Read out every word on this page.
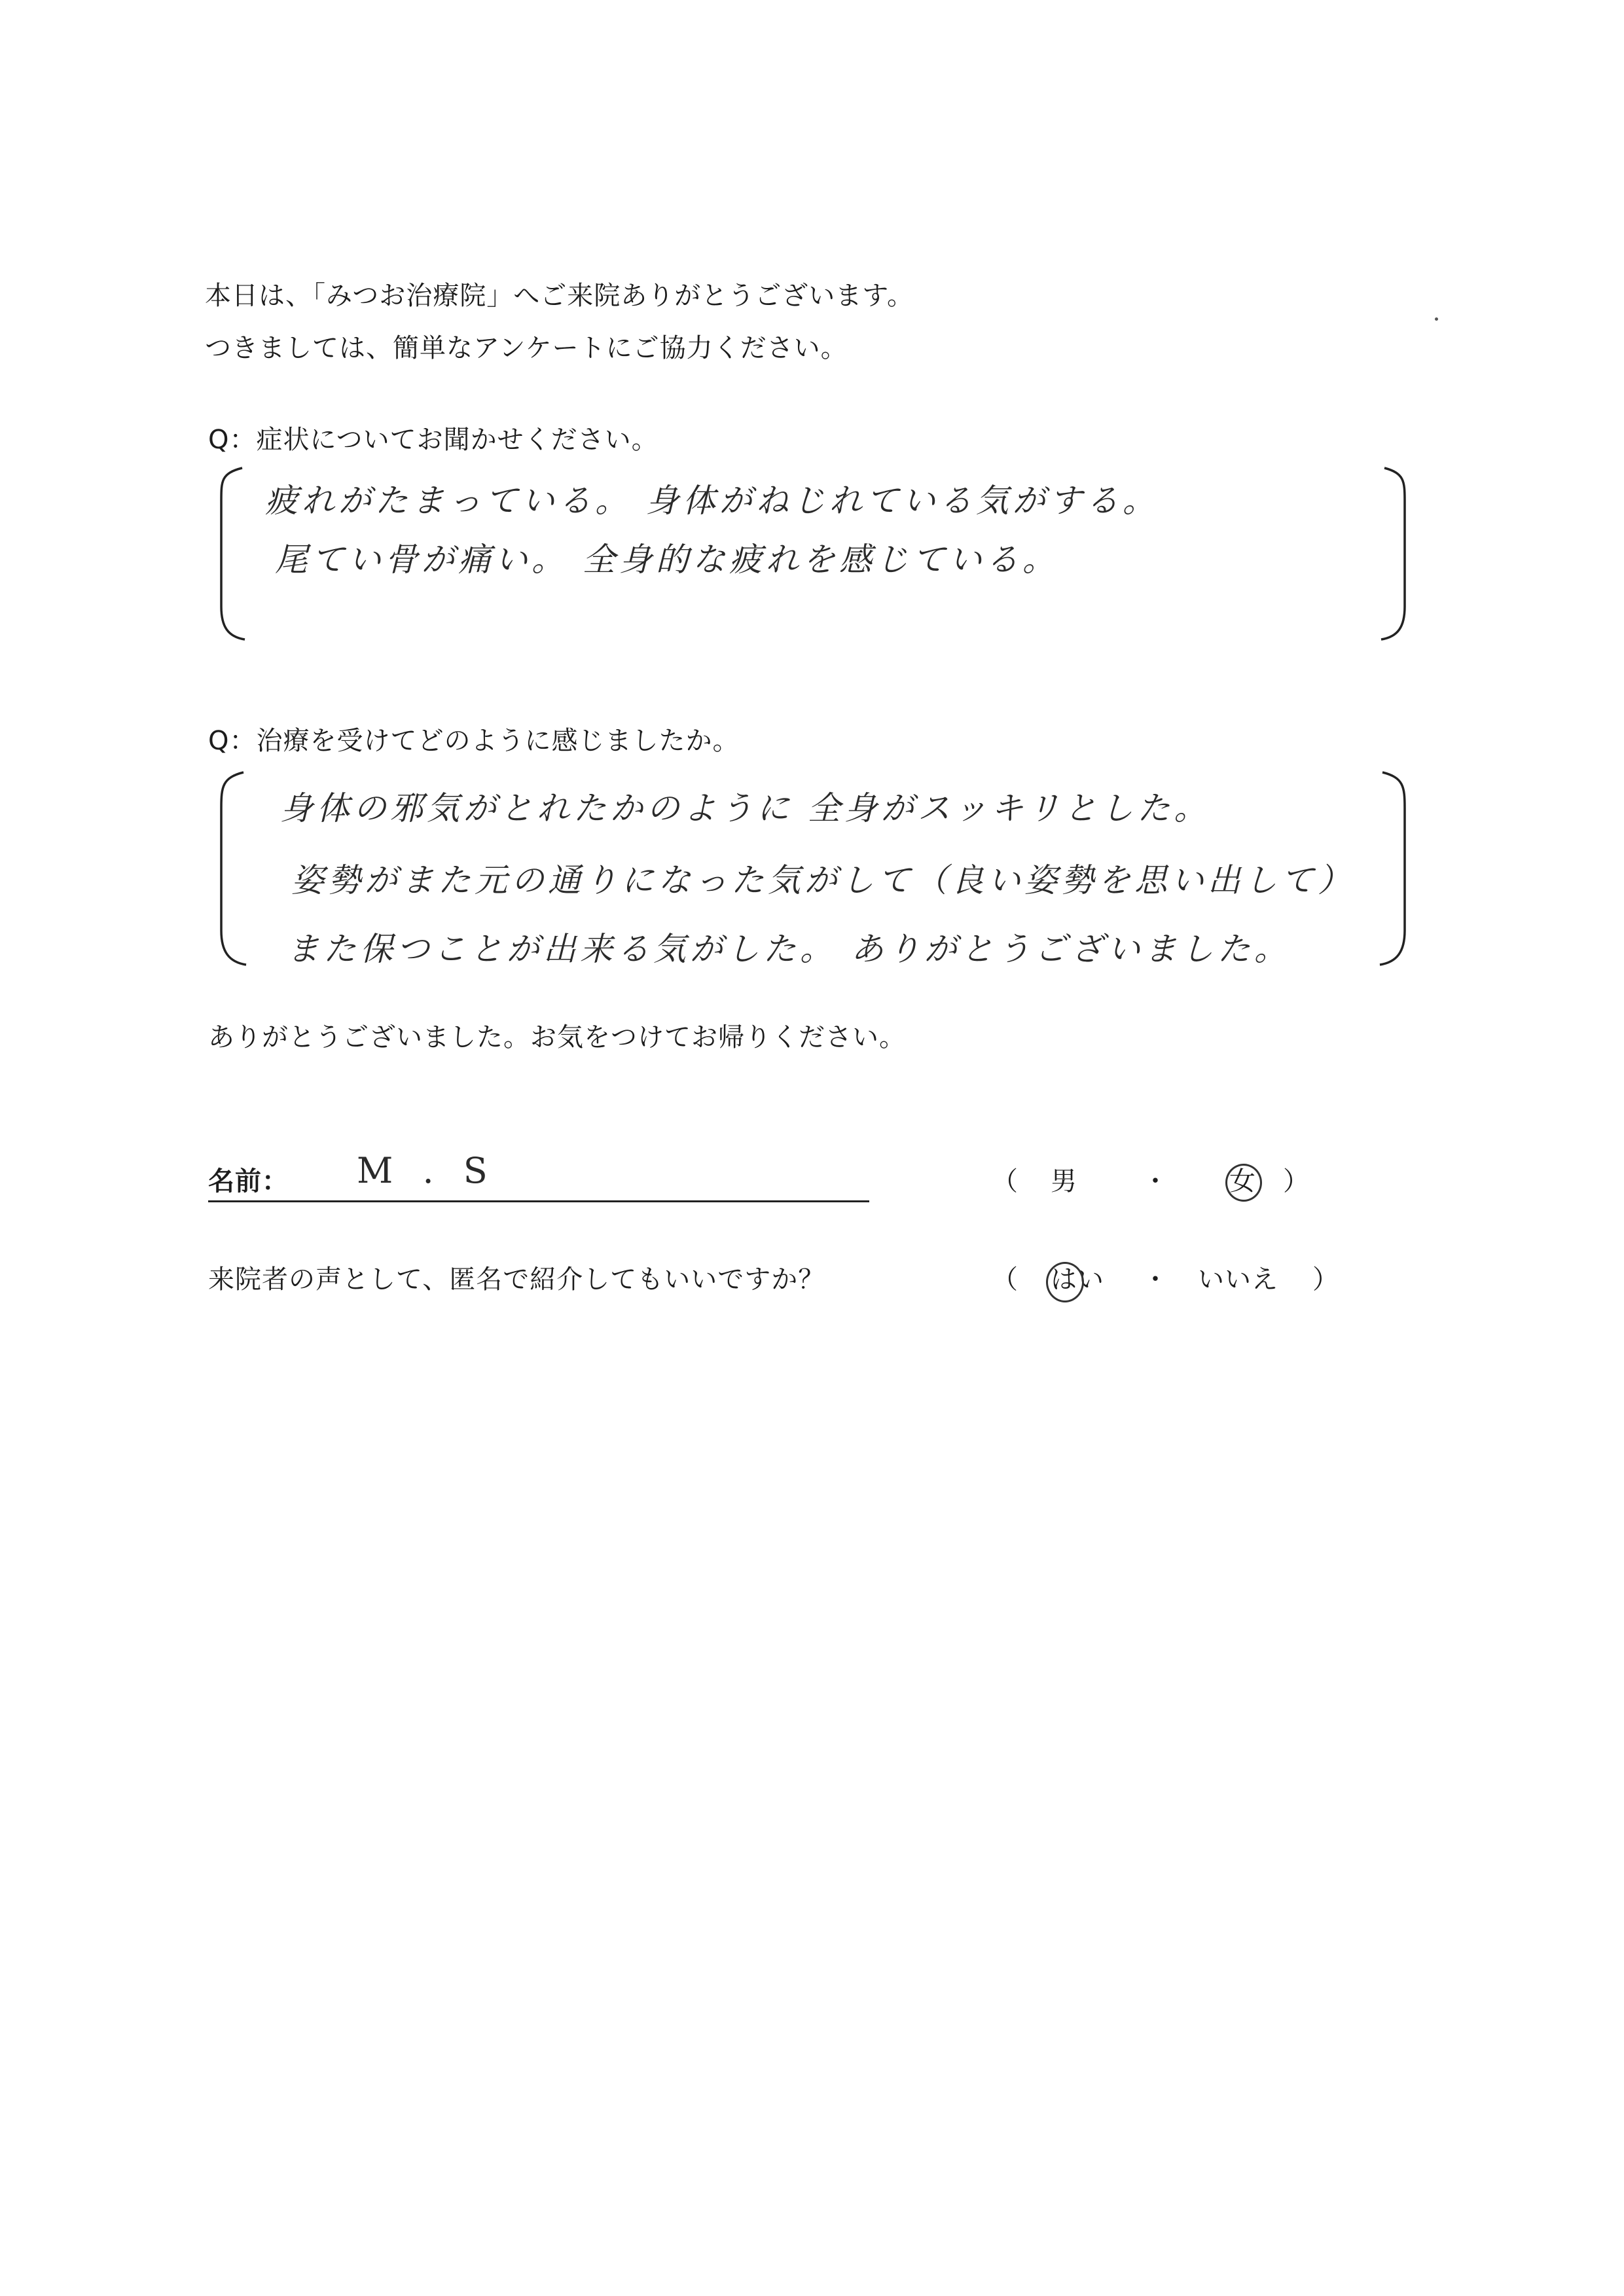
本日は、「みつお治療院」へご来院ありがとうございます。
つきましては、簡単なアンケートにご協力ください。
Q：症状についてお聞かせください。
疲れがたまっている。 身体がねじれている気がする。
尾てい骨が痛い。 全身的な疲れを感じている。
Q：治療を受けてどのように感じましたか。
身体の邪気がとれたかのように 全身がスッキリとした。
姿勢がまた元の通りになった気がして（良い姿勢を思い出して）
また保つことが出来る気がした。 ありがとうございました。
ありがとうございました。お気をつけてお帰りください。
名前： M . S	（ 男 ・ 女 ）
来院者の声として、匿名で紹介してもいいですか？	（ はい ・ いいえ ）
